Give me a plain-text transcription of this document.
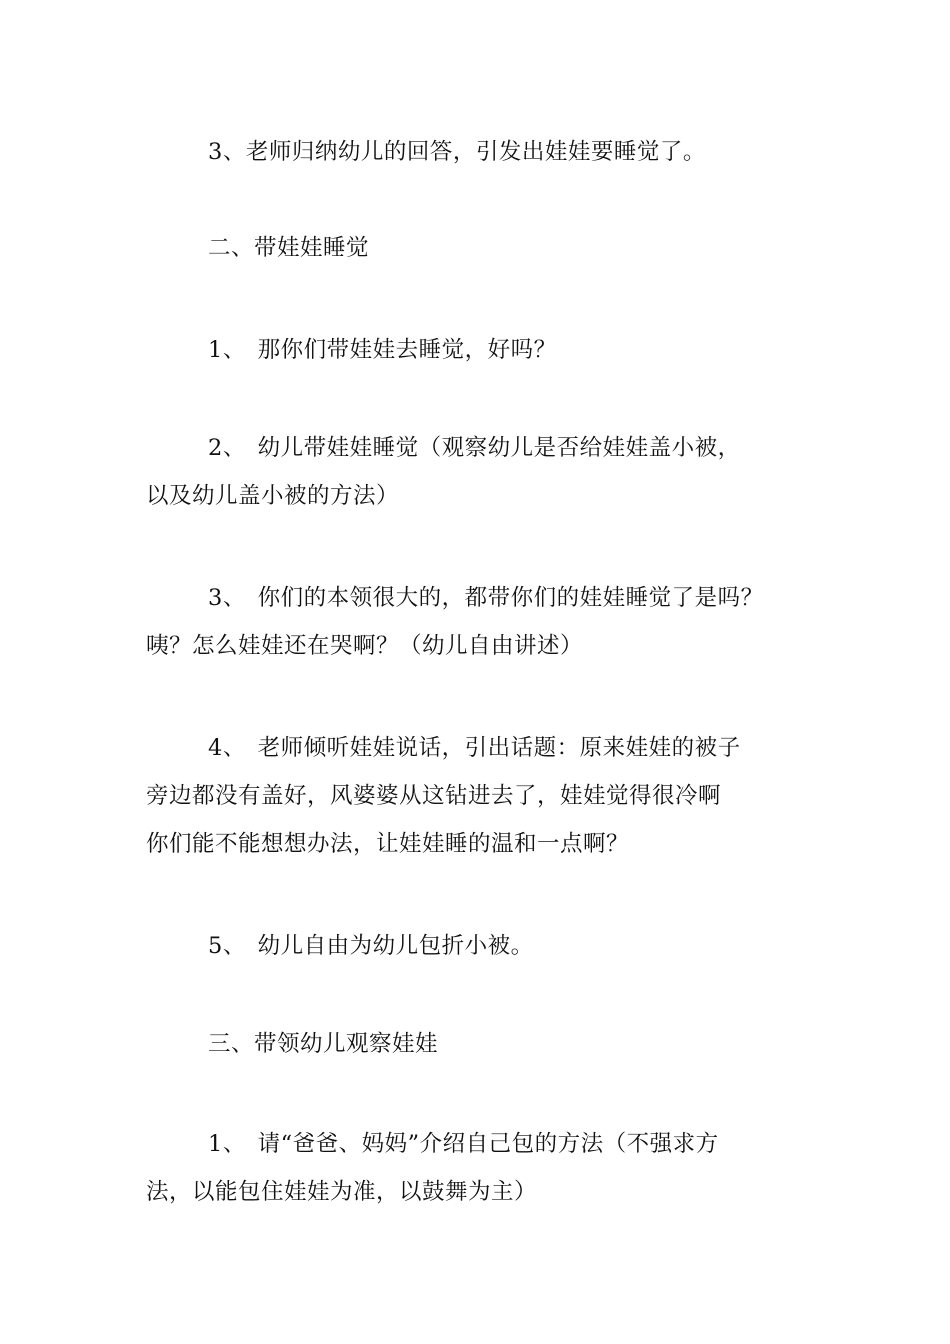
3、老师归纳幼儿的回答，引发出娃娃要睡觉了。

二、带娃娃睡觉

1、　那你们带娃娃去睡觉，好吗？

2、　幼儿带娃娃睡觉（观察幼儿是否给娃娃盖小被，
以及幼儿盖小被的方法）

3、　你们的本领很大的，都带你们的娃娃睡觉了是吗？
咦？怎么娃娃还在哭啊？（幼儿自由讲述）

4、　老师倾听娃娃说话，引出话题：原来娃娃的被子
旁边都没有盖好，风婆婆从这钻进去了，娃娃觉得很冷啊
你们能不能想想办法，让娃娃睡的温和一点啊？

5、　幼儿自由为幼儿包折小被。

三、带领幼儿观察娃娃

1、　请“爸爸、妈妈”介绍自己包的方法（不强求方
法，以能包住娃娃为准，以鼓舞为主）
